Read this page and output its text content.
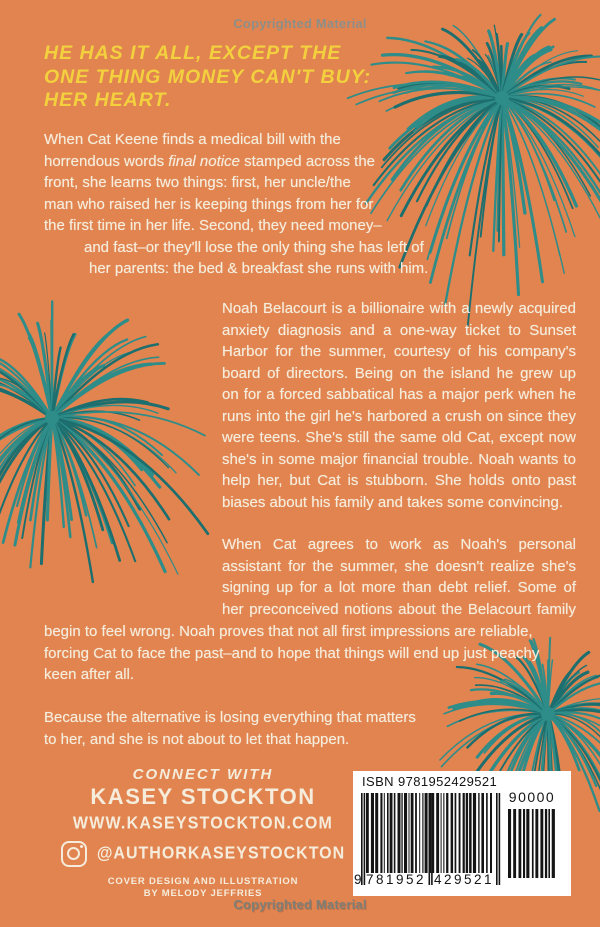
Copyrighted Material
HE HAS IT ALL, EXCEPT THE
ONE THING MONEY CAN'T BUY:
HER HEART.
When Cat Keene finds a medical bill with the
horrendous words final notice stamped across the
front, she learns two things: first, her uncle/the
man who raised her is keeping things from her for
the first time in her life. Second, they need money–
and fast–or they'll lose the only thing she has left of
her parents: the bed & breakfast she runs with him.
Noah Belacourt is a billionaire with a newly acquired
anxiety diagnosis and a one-way ticket to Sunset
Harbor for the summer, courtesy of his company's
board of directors. Being on the island he grew up
on for a forced sabbatical has a major perk when he
runs into the girl he's harbored a crush on since they
were teens. She's still the same old Cat, except now
she's in some major financial trouble. Noah wants to
help her, but Cat is stubborn. She holds onto past
biases about his family and takes some convincing.
When Cat agrees to work as Noah's personal
assistant for the summer, she doesn't realize she's
signing up for a lot more than debt relief. Some of
her preconceived notions about the Belacourt family
begin to feel wrong. Noah proves that not all first impressions are reliable,
forcing Cat to face the past–and to hope that things will end up just peachy
keen after all.
Because the alternative is losing everything that matters
to her, and she is not about to let that happen.
CONNECT WITH
KASEY STOCKTON
WWW.KASEYSTOCKTON.COM
@AUTHORKASEYSTOCKTON
COVER DESIGN AND ILLUSTRATION
BY MELODY JEFFRIES
ISBN 9781952429521
9 781952 429521
90000
Copyrighted Material
